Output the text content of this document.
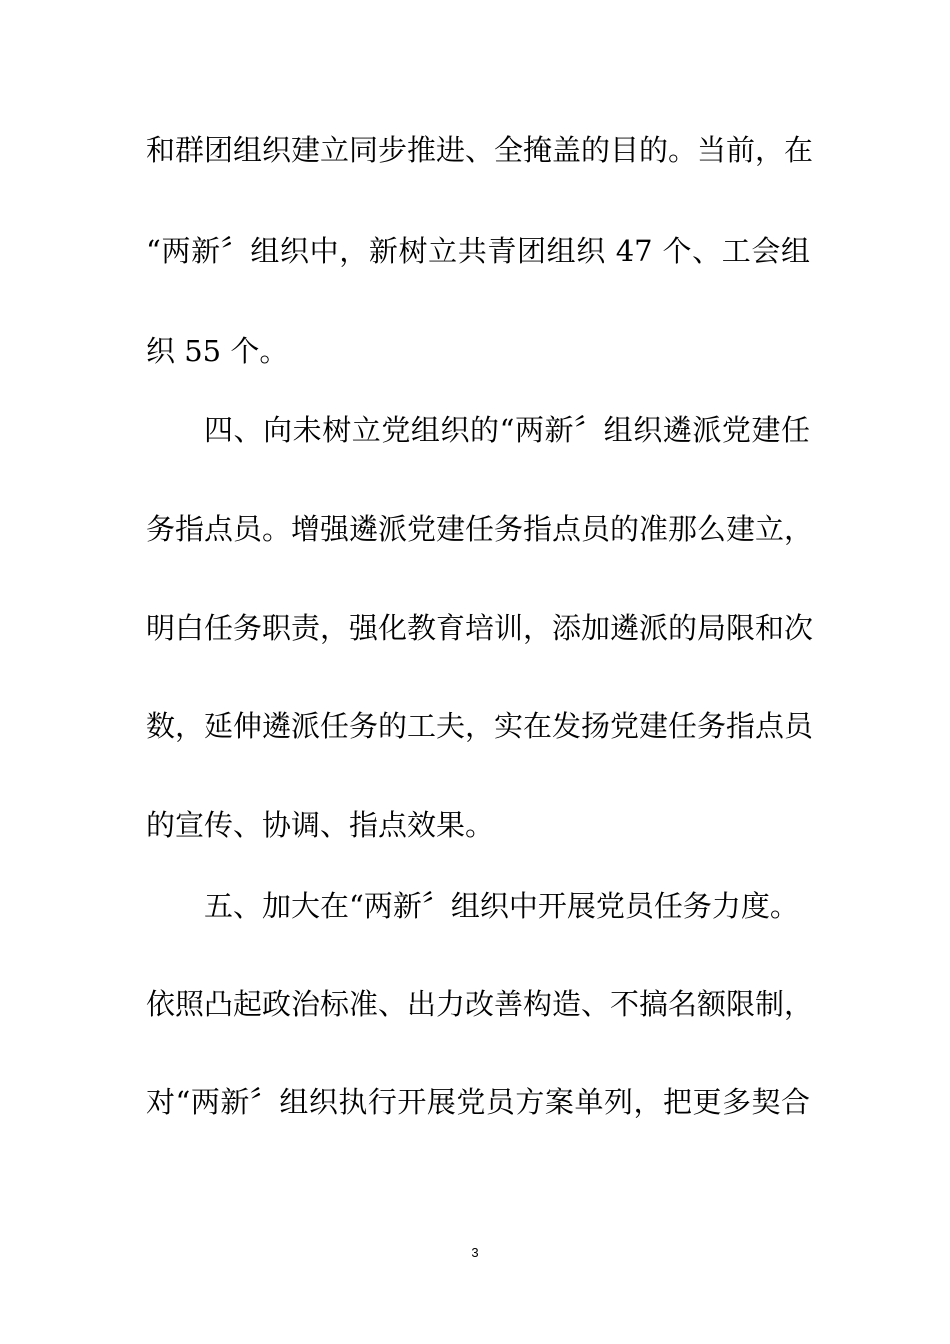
和群团组织建立同步推进、全掩盖的目的。当前，在
“两新〞组织中，新树立共青团组织 47 个、工会组
织 55 个。
四、向未树立党组织的“两新〞组织遴派党建任
务指点员。增强遴派党建任务指点员的准那么建立，
明白任务职责，强化教育培训，添加遴派的局限和次
数，延伸遴派任务的工夫，实在发扬党建任务指点员
的宣传、协调、指点效果。
五、加大在“两新〞组织中开展党员任务力度。
依照凸起政治标准、出力改善构造、不搞名额限制，
对“两新〞组织执行开展党员方案单列，把更多契合
3
